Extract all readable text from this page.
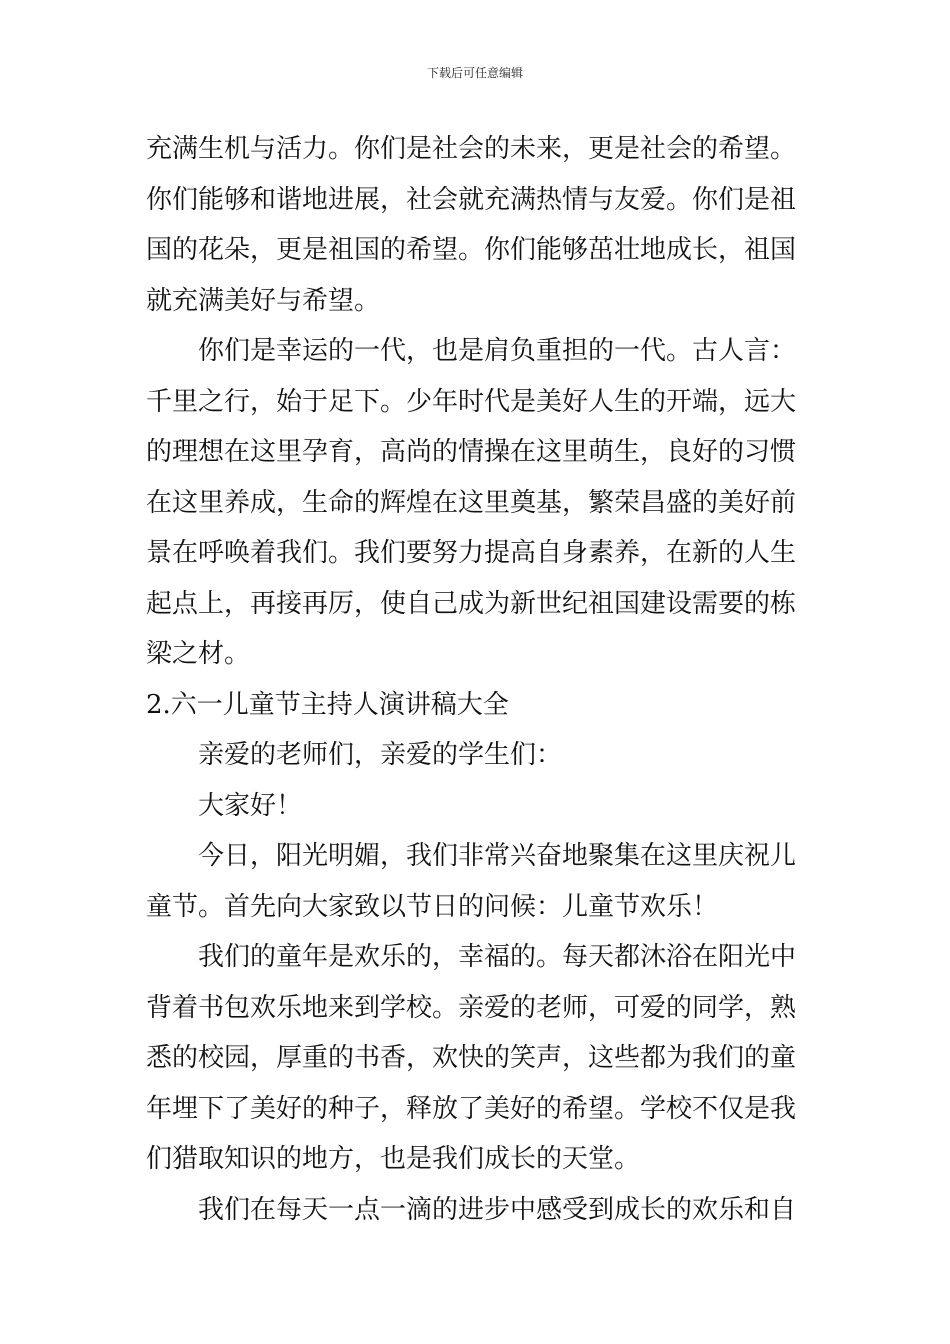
下载后可任意编辑
充满生机与活力。你们是社会的未来，更是社会的希望。
你们能够和谐地进展，社会就充满热情与友爱。你们是祖
国的花朵，更是祖国的希望。你们能够茁壮地成长，祖国
就充满美好与希望。
你们是幸运的一代，也是肩负重担的一代。古人言：
千里之行，始于足下。少年时代是美好人生的开端，远大
的理想在这里孕育，高尚的情操在这里萌生，良好的习惯
在这里养成，生命的辉煌在这里奠基，繁荣昌盛的美好前
景在呼唤着我们。我们要努力提高自身素养，在新的人生
起点上，再接再厉，使自己成为新世纪祖国建设需要的栋
梁之材。
2.六一儿童节主持人演讲稿大全
亲爱的老师们，亲爱的学生们：
大家好！
今日，阳光明媚，我们非常兴奋地聚集在这里庆祝儿
童节。首先向大家致以节日的问候：儿童节欢乐！
我们的童年是欢乐的，幸福的。每天都沐浴在阳光中
背着书包欢乐地来到学校。亲爱的老师，可爱的同学，熟
悉的校园，厚重的书香，欢快的笑声，这些都为我们的童
年埋下了美好的种子，释放了美好的希望。学校不仅是我
们猎取知识的地方，也是我们成长的天堂。
我们在每天一点一滴的进步中感受到成长的欢乐和自
